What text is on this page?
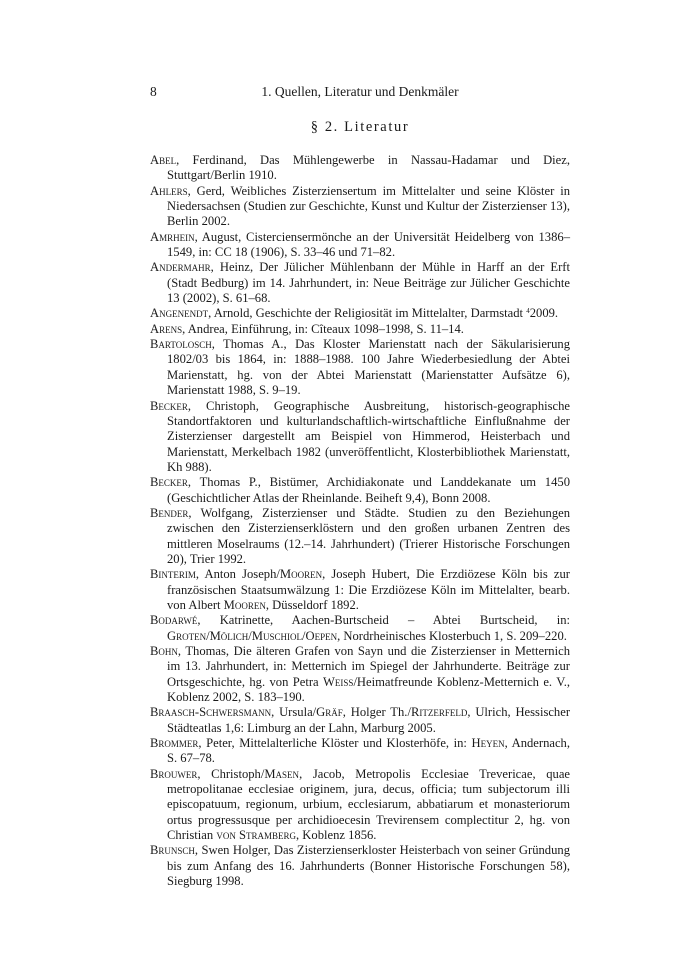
8	1. Quellen, Literatur und Denkmäler
§ 2. Literatur
Abel, Ferdinand, Das Mühlengewerbe in Nassau-Hadamar und Diez, Stuttgart/Berlin 1910.
Ahlers, Gerd, Weibliches Zisterziensertum im Mittelalter und seine Klöster in Niedersachsen (Studien zur Geschichte, Kunst und Kultur der Zisterzienser 13), Berlin 2002.
Amrhein, August, Cisterciensermönche an der Universität Heidelberg von 1386–1549, in: CC 18 (1906), S. 33–46 und 71–82.
Andermahr, Heinz, Der Jülicher Mühlenbann der Mühle in Harff an der Erft (Stadt Bedburg) im 14. Jahrhundert, in: Neue Beiträge zur Jülicher Geschichte 13 (2002), S. 61–68.
Angenendt, Arnold, Geschichte der Religiosität im Mittelalter, Darmstadt $^4$2009.
Arens, Andrea, Einführung, in: Cîteaux 1098–1998, S. 11–14.
Bartolosch, Thomas A., Das Kloster Marienstatt nach der Säkularisierung 1802/03 bis 1864, in: 1888–1988. 100 Jahre Wiederbesiedlung der Abtei Marienstatt, hg. von der Abtei Marienstatt (Marienstatter Aufsätze 6), Marienstatt 1988, S. 9–19.
Becker, Christoph, Geographische Ausbreitung, historisch-geographische Standortfaktoren und kulturlandschaftlich-wirtschaftliche Einflußnahme der Zisterzienser dargestellt am Beispiel von Himmerod, Heisterbach und Marienstatt, Merkelbach 1982 (unveröffentlicht, Klosterbibliothek Marienstatt, Kh 988).
Becker, Thomas P., Bistümer, Archidiakonate und Landdekanate um 1450 (Geschichtlicher Atlas der Rheinlande. Beiheft 9,4), Bonn 2008.
Bender, Wolfgang, Zisterzienser und Städte. Studien zu den Beziehungen zwischen den Zisterzienserklöstern und den großen urbanen Zentren des mittleren Moselraums (12.–14. Jahrhundert) (Trierer Historische Forschungen 20), Trier 1992.
Binterim, Anton Joseph/Mooren, Joseph Hubert, Die Erzdiözese Köln bis zur französischen Staatsumwälzung 1: Die Erzdiözese Köln im Mittelalter, bearb. von Albert Mooren, Düsseldorf 1892.
Bodarwé, Katrinette, Aachen-Burtscheid – Abtei Burtscheid, in: Groten/Mölich/Muschiol/Oepen, Nordrheinisches Klosterbuch 1, S. 209–220.
Bohn, Thomas, Die älteren Grafen von Sayn und die Zisterzienser in Metternich im 13. Jahrhundert, in: Metternich im Spiegel der Jahrhunderte. Beiträge zur Ortsgeschichte, hg. von Petra Weiss/Heimatfreunde Koblenz-Metternich e. V., Koblenz 2002, S. 183–190.
Braasch-Schwersmann, Ursula/Gräf, Holger Th./Ritzerfeld, Ulrich, Hessischer Städteatlas 1,6: Limburg an der Lahn, Marburg 2005.
Brommer, Peter, Mittelalterliche Klöster und Klosterhöfe, in: Heyen, Andernach, S. 67–78.
Brouwer, Christoph/Masen, Jacob, Metropolis Ecclesiae Trevericae, quae metropolitanae ecclesiae originem, jura, decus, officia; tum subjectorum illi episcopatuum, regionum, urbium, ecclesiarum, abbatiarum et monasteriorum ortus progressusque per archidioecesin Trevirensem complectitur 2, hg. von Christian von Stramberg, Koblenz 1856.
Brunsch, Swen Holger, Das Zisterzienserkloster Heisterbach von seiner Gründung bis zum Anfang des 16. Jahrhunderts (Bonner Historische Forschungen 58), Siegburg 1998.
